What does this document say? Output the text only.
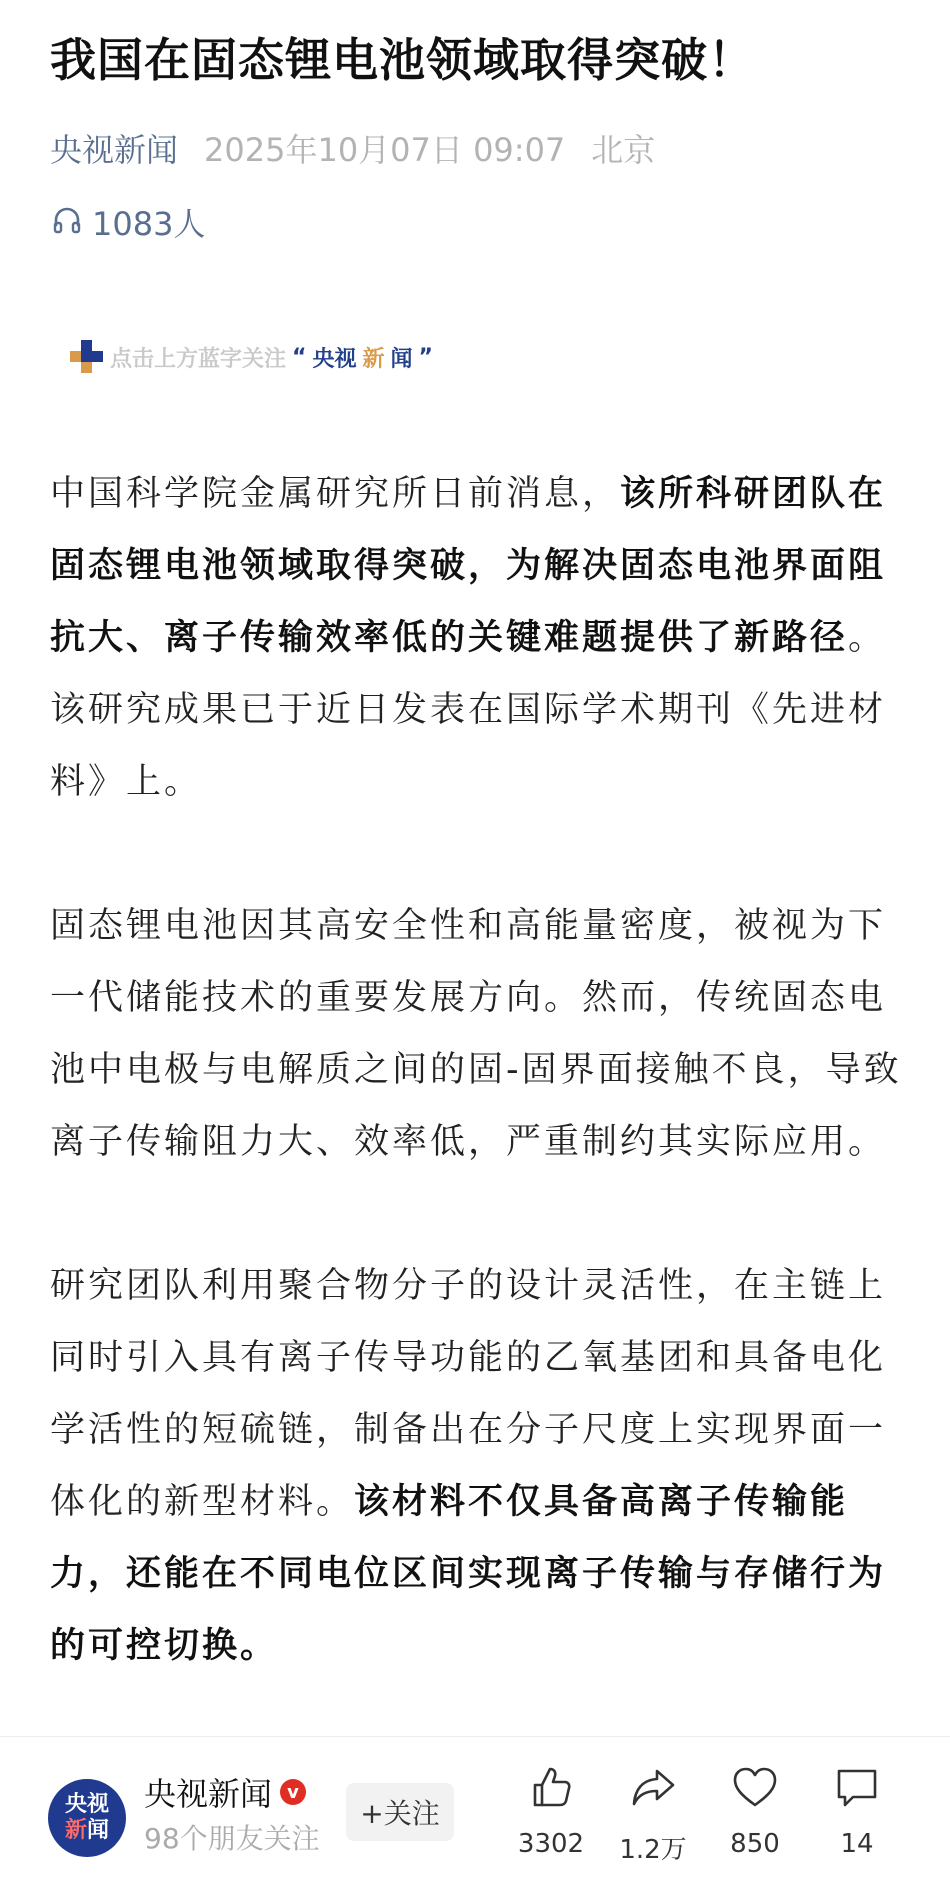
我国在固态锂电池领域取得突破！
央视新闻 2025年10月07日 09:07 北京
1083人
点击上方蓝字关注 “ 央视 新 闻 ”

中国科学院金属研究所日前消息，该所科研团队在固态锂电池领域取得突破，为解决固态电池界面阻抗大、离子传输效率低的关键难题提供了新路径。该研究成果已于近日发表在国际学术期刊《先进材料》上。

固态锂电池因其高安全性和高能量密度，被视为下一代储能技术的重要发展方向。然而，传统固态电池中电极与电解质之间的固-固界面接触不良，导致离子传输阻力大、效率低，严重制约其实际应用。

研究团队利用聚合物分子的设计灵活性，在主链上同时引入具有离子传导功能的乙氧基团和具备电化学活性的短硫链，制备出在分子尺度上实现界面一体化的新型材料。该材料不仅具备高离子传输能力，还能在不同电位区间实现离子传输与存储行为的可控切换。

央视
新闻
央视新闻 v
98个朋友关注
+关注
3302 1.2万 850 14
